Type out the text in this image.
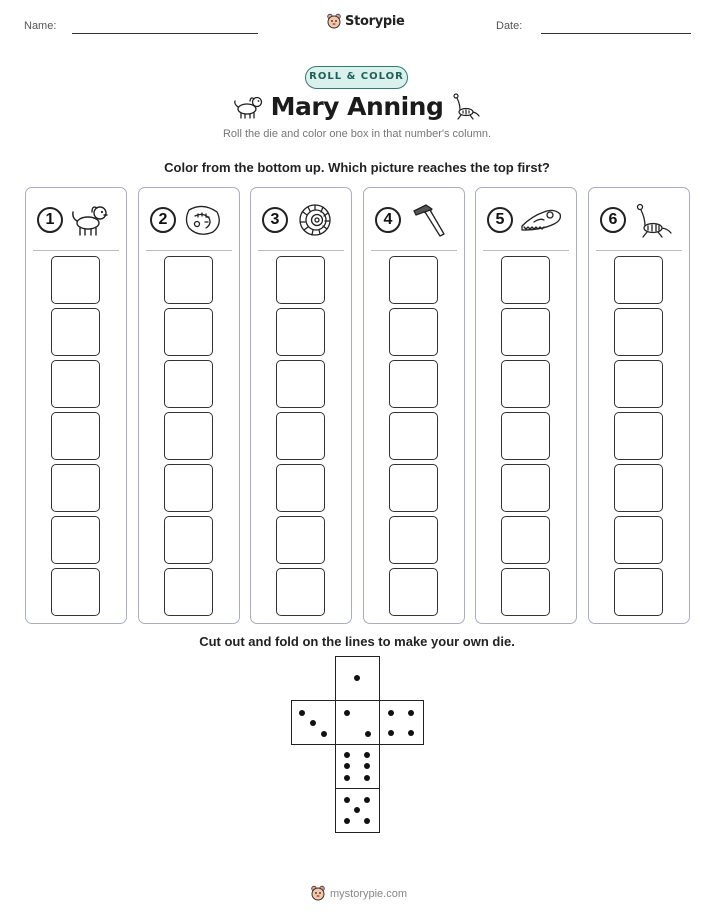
Name:	Storypie	Date:
ROLL & COLOR
Mary Anning
Roll the die and color one box in that number's column.
Color from the bottom up. Which picture reaches the top first?
1	2	3	4	5	6
Cut out and fold on the lines to make your own die.
mystorypie.com
